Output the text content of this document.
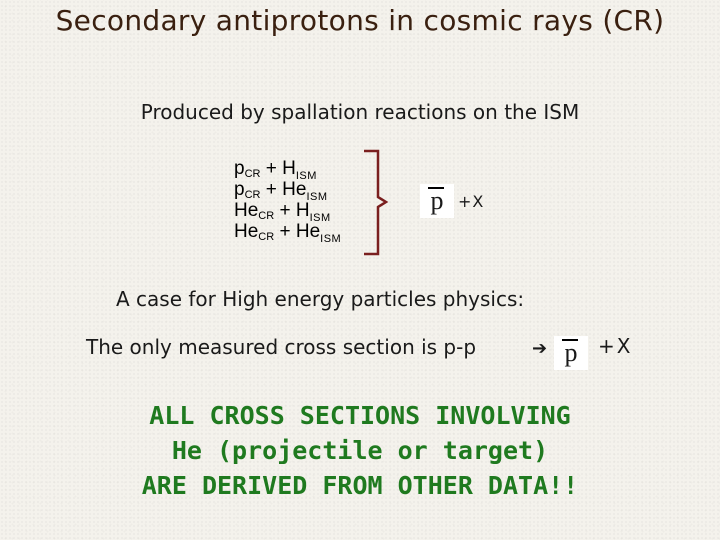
Secondary antiprotons in cosmic rays (CR)
Produced by spallation reactions on the ISM
$p_{CR} + H_{ISM}$
$p_{CR} + He_{ISM}$
$He_{CR} + H_{ISM}$
$He_{CR} + He_{ISM}$
p +X
A case for High energy particles physics:
The only measured cross section is p-p	➔ p	+X
ALL CROSS SECTIONS INVOLVING
He (projectile or target)
ARE DERIVED FROM OTHER DATA!!
